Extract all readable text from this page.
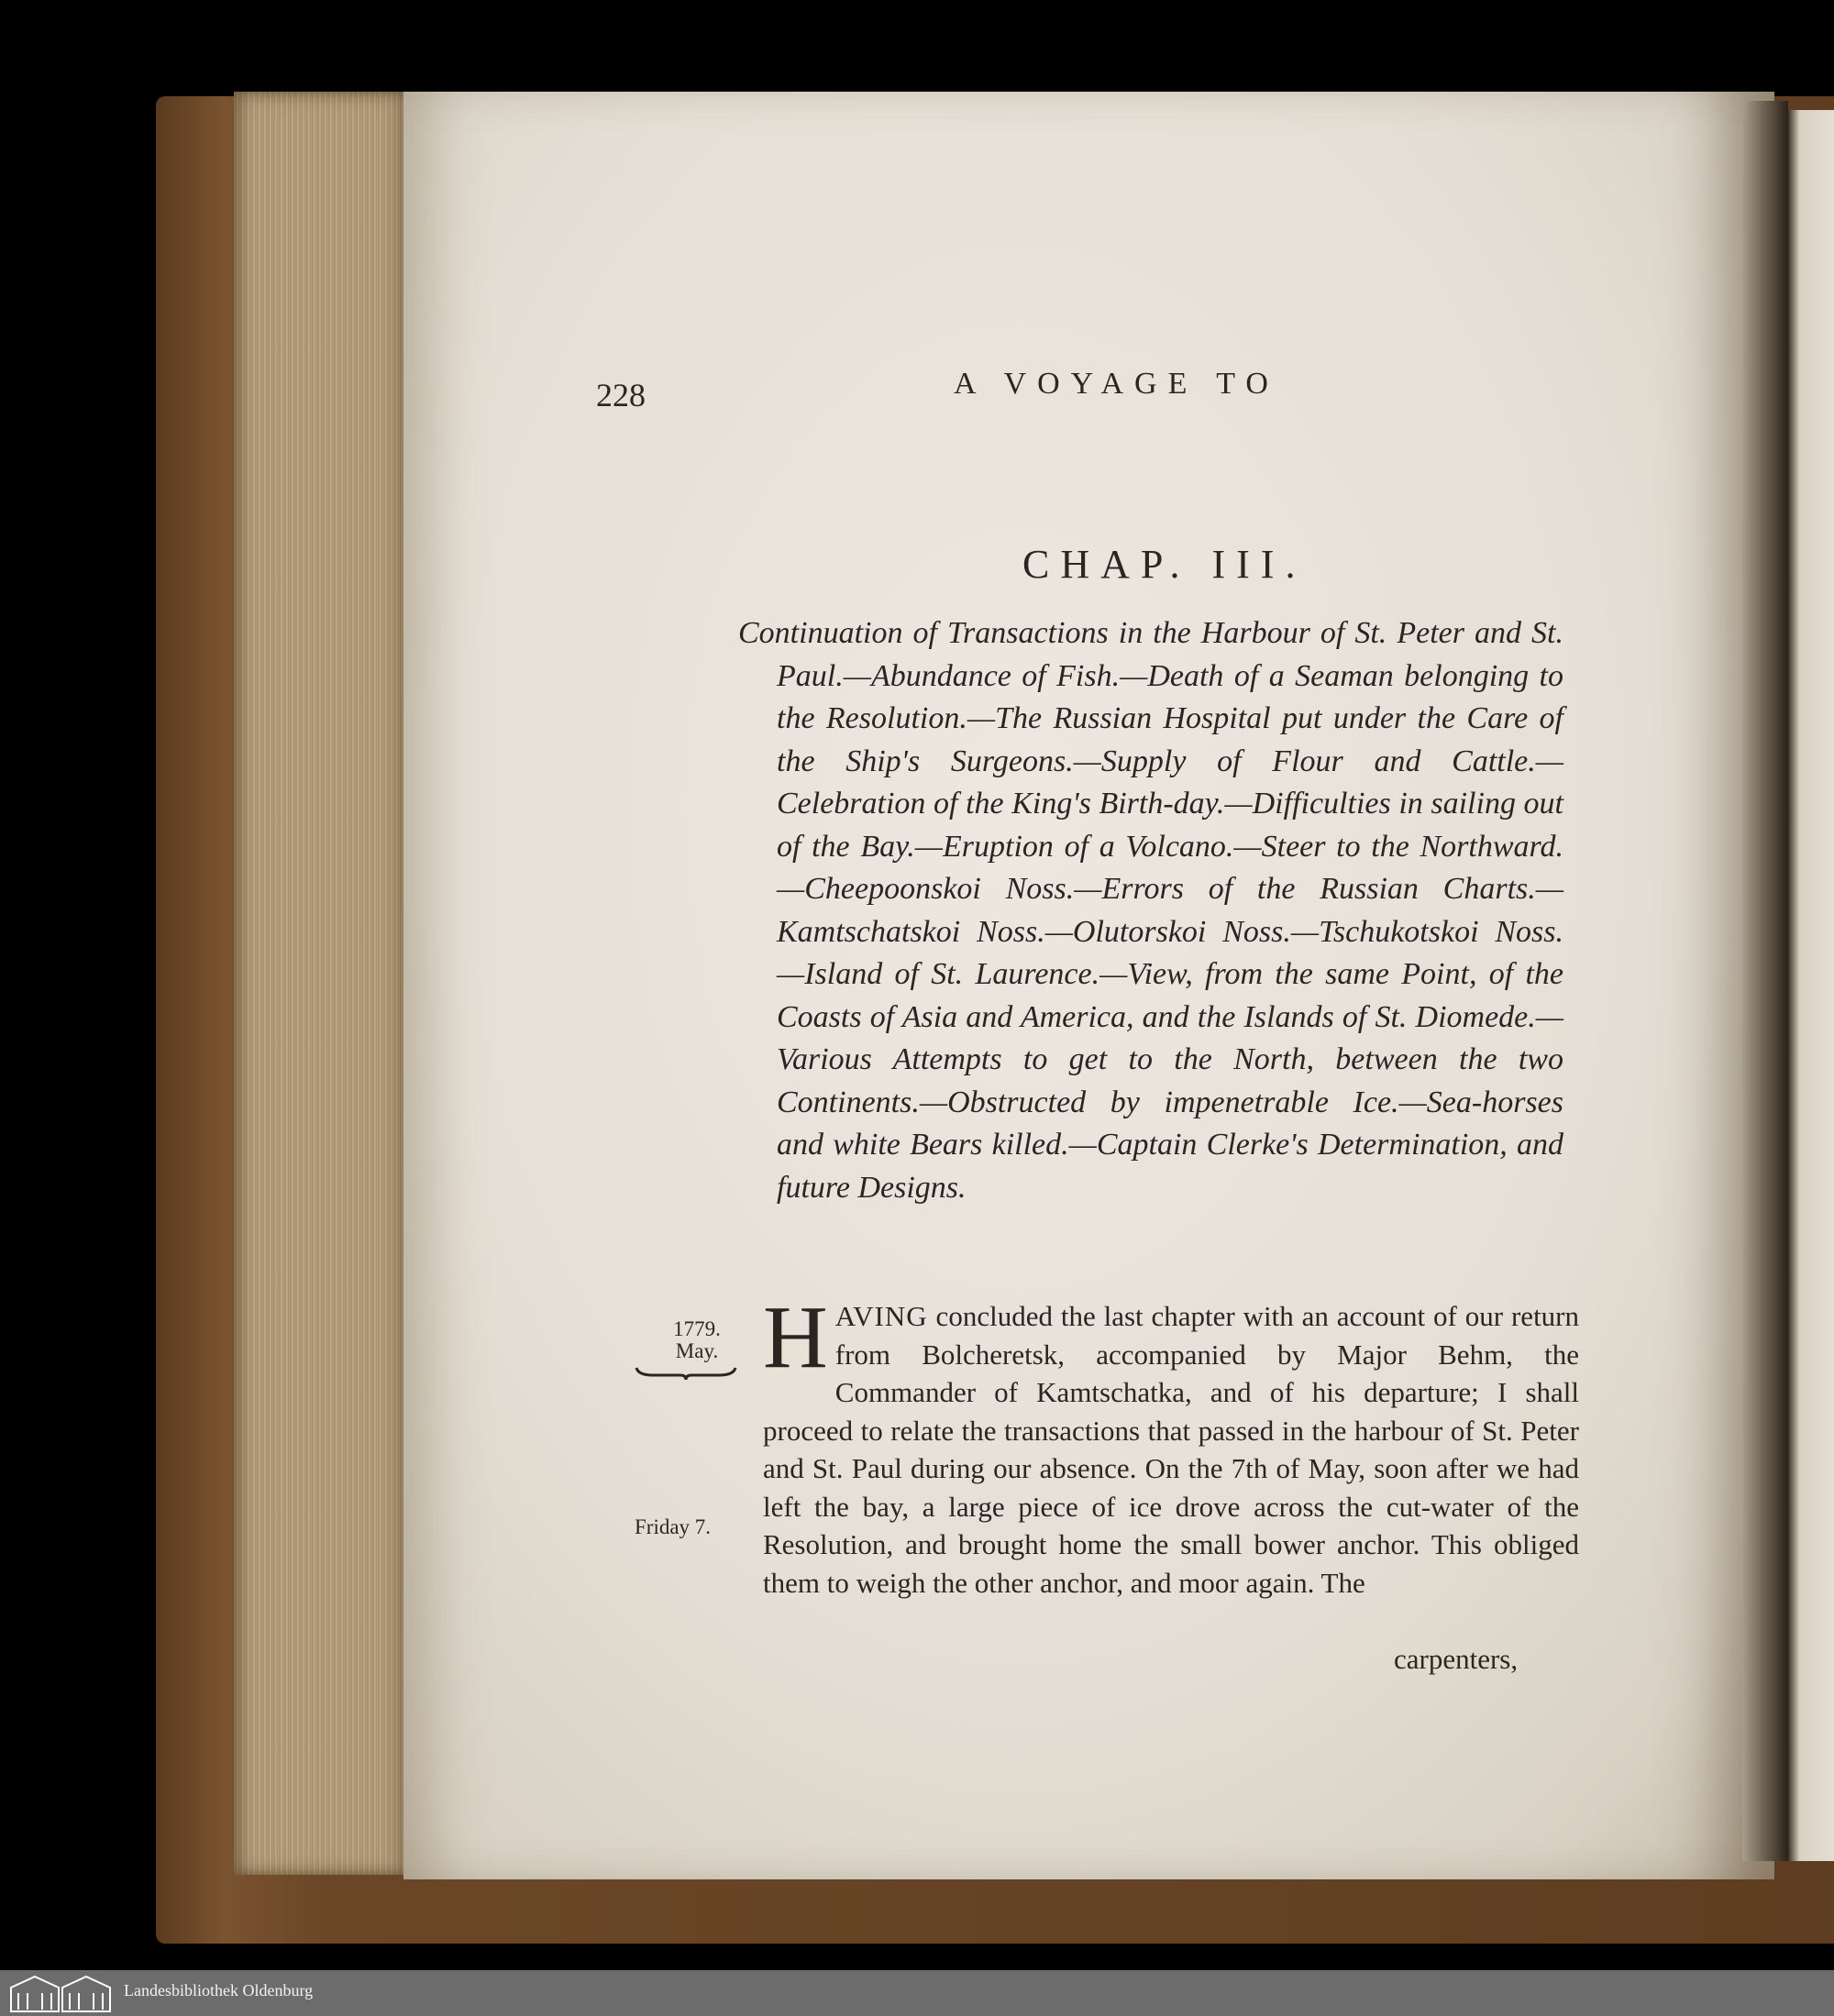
228	A VOYAGE TO
CHAP. III.
Continuation of Transactions in the Harbour of St. Peter and St. Paul.—Abundance of Fish.—Death of a Seaman belonging to the Resolution.—The Russian Hospital put under the Care of the Ship's Surgeons.—Supply of Flour and Cattle.—Celebration of the King's Birth-day.—Difficulties in sailing out of the Bay.—Eruption of a Volcano.—Steer to the Northward.—Cheepoonskoi Noss.—Errors of the Russian Charts.—Kamtschatskoi Noss.—Olutorskoi Noss.—Tschukotskoi Noss.—Island of St. Laurence.—View, from the same Point, of the Coasts of Asia and America, and the Islands of St. Diomede.—Various Attempts to get to the North, between the two Continents.—Obstructed by impenetrable Ice.—Sea-horses and white Bears killed.—Captain Clerke's Determination, and future Designs.
1779.
May.
Friday 7.
HAVING concluded the last chapter with an account of our return from Bolcheretsk, accompanied by Major Behm, the Commander of Kamtschatka, and of his departure; I shall proceed to relate the transactions that passed in the harbour of St. Peter and St. Paul during our absence. On the 7th of May, soon after we had left the bay, a large piece of ice drove across the cut-water of the Resolution, and brought home the small bower anchor. This obliged them to weigh the other anchor, and moor again. The
carpenters,
Landesbibliothek Oldenburg
